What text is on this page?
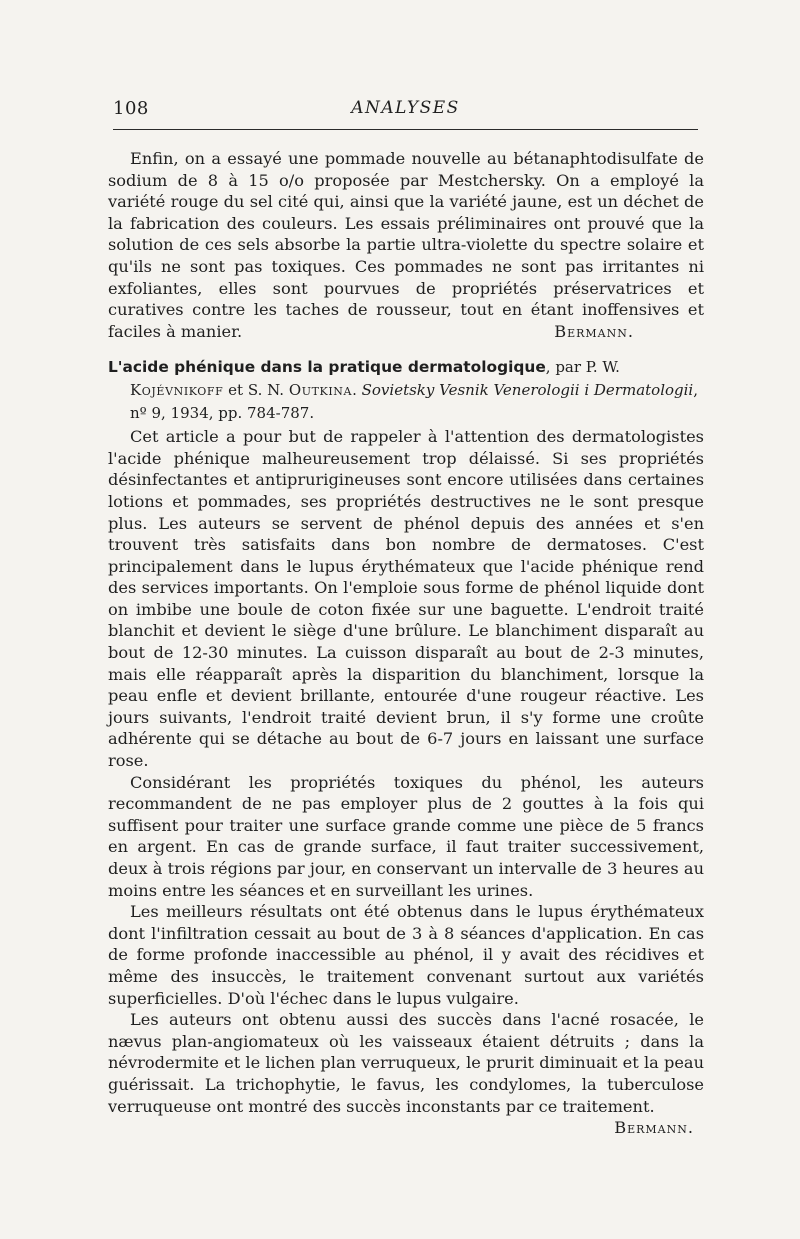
108	ANALYSES

Enfin, on a essayé une pommade nouvelle au bétanaphtodisulfate de sodium de 8 à 15 o/o proposée par Mestchersky. On a employé la variété rouge du sel cité qui, ainsi que la variété jaune, est un déchet de la fabrication des couleurs. Les essais préliminaires ont prouvé que la solution de ces sels absorbe la partie ultra-violette du spectre solaire et qu'ils ne sont pas toxiques. Ces pommades ne sont pas irritantes ni exfoliantes, elles sont pourvues de propriétés préservatrices et curatives contre les taches de rousseur, tout en étant inoffensives et faciles à manier.	Bermann.

L'acide phénique dans la pratique dermatologique, par P. W. Kojévnikoff et S. N. Outkina. Sovietsky Vesnik Venerologii i Dermatologii, nº 9, 1934, pp. 784-787.

Cet article a pour but de rappeler à l'attention des dermatologistes l'acide phénique malheureusement trop délaissé. Si ses propriétés désinfectantes et antiprurigineuses sont encore utilisées dans certaines lotions et pommades, ses propriétés destructives ne le sont presque plus. Les auteurs se servent de phénol depuis des années et s'en trouvent très satisfaits dans bon nombre de dermatoses. C'est principalement dans le lupus érythémateux que l'acide phénique rend des services importants. On l'emploie sous forme de phénol liquide dont on imbibe une boule de coton fixée sur une baguette. L'endroit traité blanchit et devient le siège d'une brûlure. Le blanchiment disparaît au bout de 12-30 minutes. La cuisson disparaît au bout de 2-3 minutes, mais elle réapparaît après la disparition du blanchiment, lorsque la peau enfle et devient brillante, entourée d'une rougeur réactive. Les jours suivants, l'endroit traité devient brun, il s'y forme une croûte adhérente qui se détache au bout de 6-7 jours en laissant une surface rose.

Considérant les propriétés toxiques du phénol, les auteurs recommandent de ne pas employer plus de 2 gouttes à la fois qui suffisent pour traiter une surface grande comme une pièce de 5 francs en argent. En cas de grande surface, il faut traiter successivement, deux à trois régions par jour, en conservant un intervalle de 3 heures au moins entre les séances et en surveillant les urines.

Les meilleurs résultats ont été obtenus dans le lupus érythémateux dont l'infiltration cessait au bout de 3 à 8 séances d'application. En cas de forme profonde inaccessible au phénol, il y avait des récidives et même des insuccès, le traitement convenant surtout aux variétés superficielles. D'où l'échec dans le lupus vulgaire.

Les auteurs ont obtenu aussi des succès dans l'acné rosacée, le nævus plan-angiomateux où les vaisseaux étaient détruits ; dans la névrodermite et le lichen plan verruqueux, le prurit diminuait et la peau guérissait. La trichophytie, le favus, les condylomes, la tuberculose verruqueuse ont montré des succès inconstants par ce traitement.

Bermann.
